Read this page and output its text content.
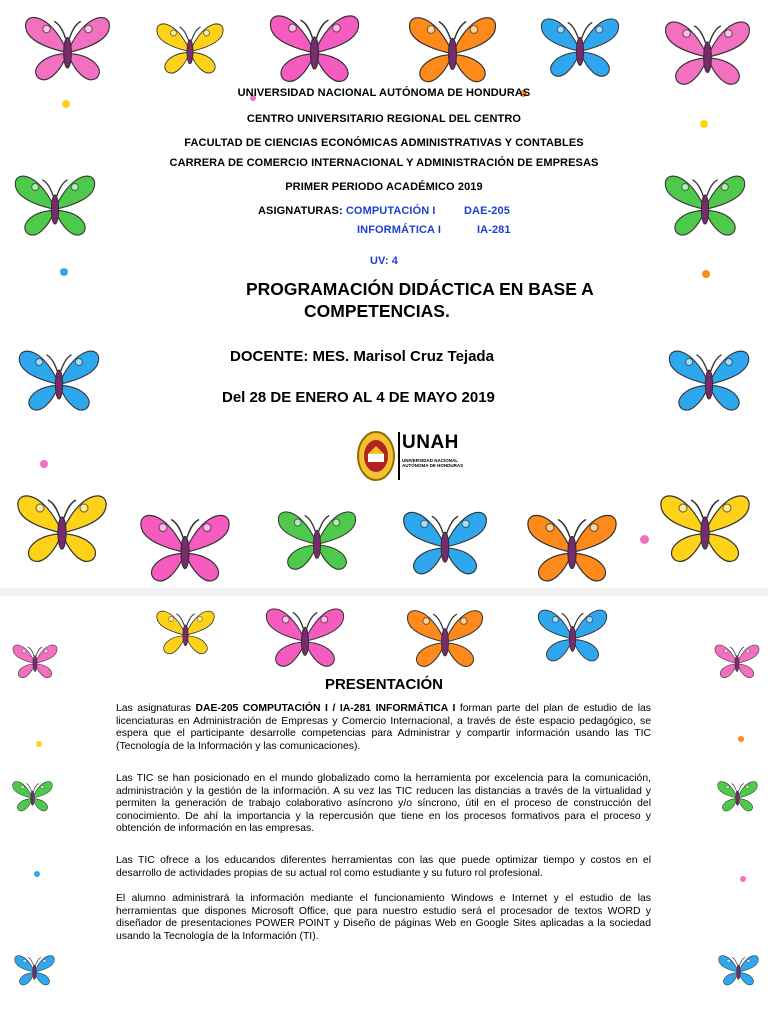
UNIVERSIDAD NACIONAL AUTÓNOMA DE HONDURAS
CENTRO UNIVERSITARIO REGIONAL DEL CENTRO
FACULTAD DE CIENCIAS ECONÓMICAS ADMINISTRATIVAS Y CONTABLES
CARRERA DE COMERCIO INTERNACIONAL Y ADMINISTRACIÓN DE EMPRESAS
PRIMER PERIODO ACADÉMICO 2019
ASIGNATURAS: COMPUTACIÓN I	DAE-205
INFORMÁTICA I	IA-281
UV: 4
PROGRAMACIÓN DIDÁCTICA EN BASE A
COMPETENCIAS.
DOCENTE: MES. Marisol Cruz Tejada
Del 28 DE ENERO AL 4 DE MAYO 2019
UNAH
UNIVERSIDAD NACIONAL
AUTÓNOMA DE HONDURAS
PRESENTACIÓN

Las asignaturas DAE-205 COMPUTACIÓN I / IA-281 INFORMÁTICA I forman parte del plan de estudio de las licenciaturas en Administración de Empresas y Comercio Internacional, a través de éste espacio pedagógico, se espera que el participante desarrolle competencias para Administrar y compartir información usando las TIC (Tecnología de la Información y las comunicaciones).

Las TIC se han posicionado en el mundo globalizado como la herramienta por excelencia para la comunicación, administración y la gestión de la información. A su vez las TIC reducen las distancias a través de la virtualidad y permiten la generación de trabajo colaborativo asíncrono y/o síncrono, útil en el proceso de construcción del conocimiento. De ahí la importancia y la repercusión que tiene en los procesos formativos para el proceso y obtención de información en las empresas.

Las TIC ofrece a los educandos diferentes herramientas con las que puede optimizar tiempo y costos en el desarrollo de actividades propias de su actual rol como estudiante y su futuro rol profesional.

El alumno administrará la información mediante el funcionamiento Windows e Internet y el estudio de las herramientas que dispones Microsoft Office, que para nuestro estudio será el procesador de textos WORD y diseñador de presentaciones POWER POINT y Diseño de páginas Web en Google Sites aplicadas a la sociedad usando la Tecnología de la Información (TI).
